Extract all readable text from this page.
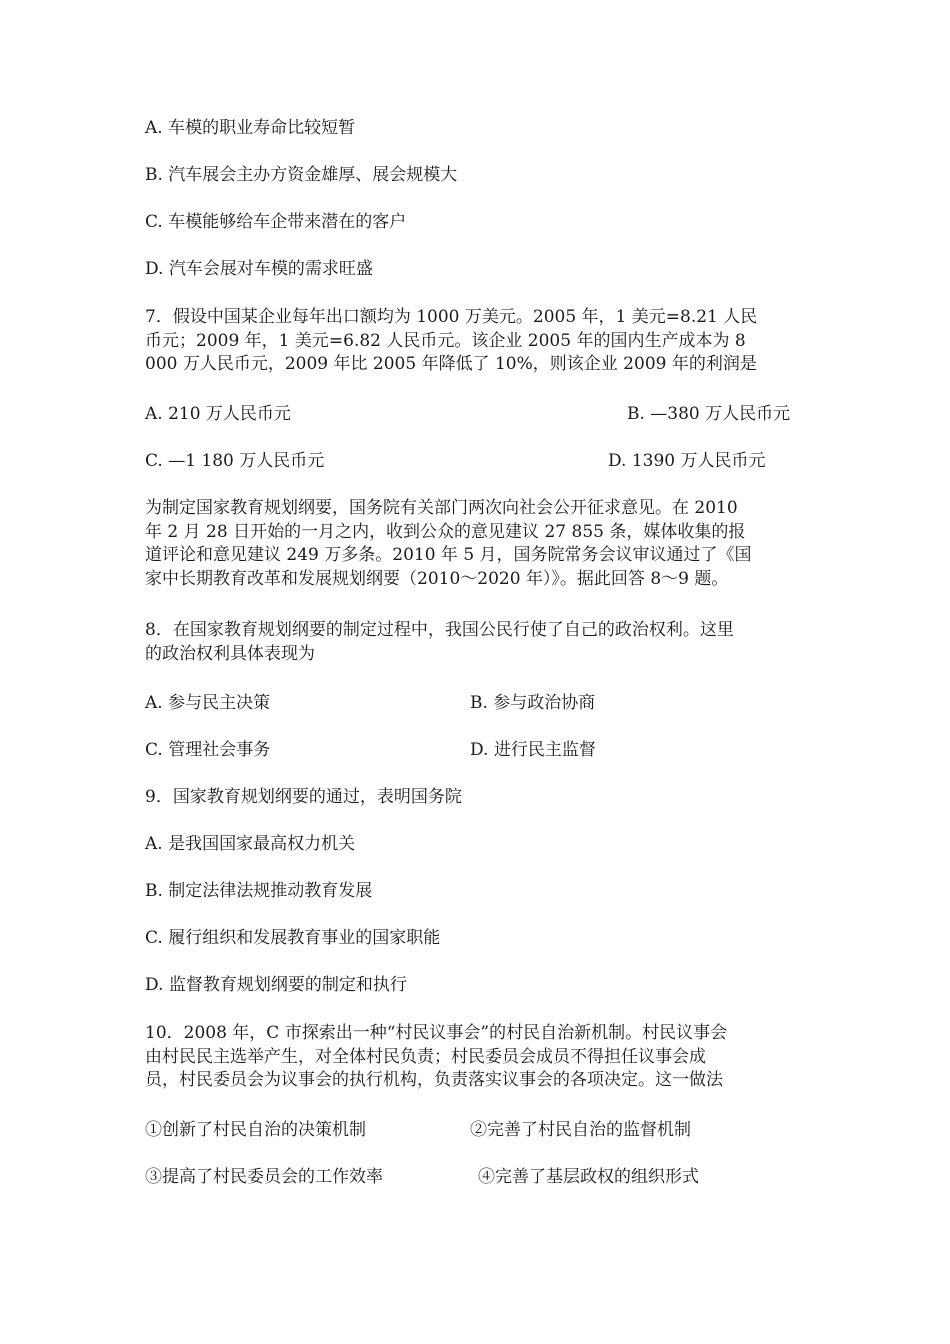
A. 车模的职业寿命比较短暂
B. 汽车展会主办方资金雄厚、展会规模大
C. 车模能够给车企带来潜在的客户
D. 汽车会展对车模的需求旺盛
7．假设中国某企业每年出口额均为 1000 万美元。2005 年，1 美元=8.21 人民
币元；2009 年，1 美元=6.82 人民币元。该企业 2005 年的国内生产成本为 8
000 万人民币元，2009 年比 2005 年降低了 10%，则该企业 2009 年的利润是
A. 210 万人民币元	B. —380 万人民币元
C. —1 180 万人民币元	D. 1390 万人民币元
为制定国家教育规划纲要，国务院有关部门两次向社会公开征求意见。在 2010
年 2 月 28 日开始的一月之内，收到公众的意见建议 27 855 条，媒体收集的报
道评论和意见建议 249 万多条。2010 年 5 月，国务院常务会议审议通过了《国
家中长期教育改革和发展规划纲要（2010～2020 年）》。据此回答 8～9 题。
8．在国家教育规划纲要的制定过程中，我国公民行使了自己的政治权利。这里
的政治权利具体表现为
A. 参与民主决策	B. 参与政治协商
C. 管理社会事务	D. 进行民主监督
9．国家教育规划纲要的通过，表明国务院
A. 是我国国家最高权力机关
B. 制定法律法规推动教育发展
C. 履行组织和发展教育事业的国家职能
D. 监督教育规划纲要的制定和执行
10．2008 年，C 市探索出一种“村民议事会”的村民自治新机制。村民议事会
由村民民主选举产生，对全体村民负责；村民委员会成员不得担任议事会成
员，村民委员会为议事会的执行机构，负责落实议事会的各项决定。这一做法
①创新了村民自治的决策机制	②完善了村民自治的监督机制
③提高了村民委员会的工作效率	④完善了基层政权的组织形式
